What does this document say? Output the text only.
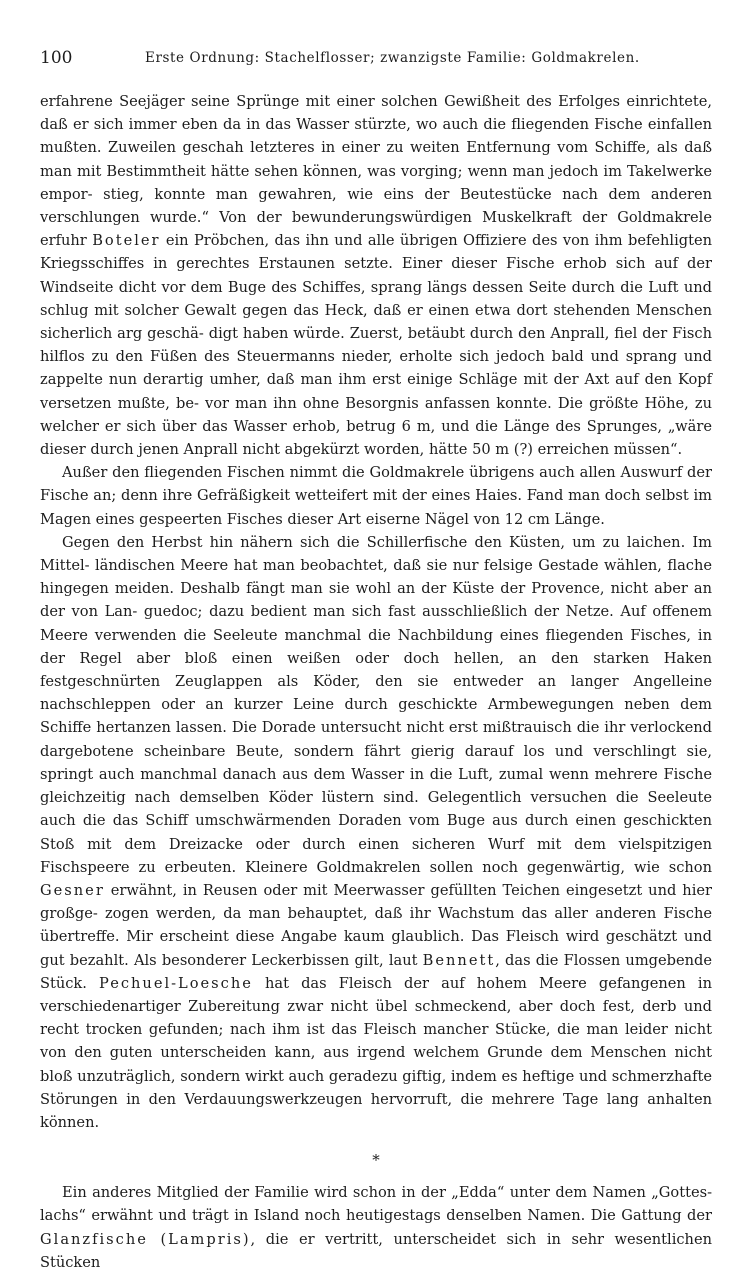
100	Erste Ordnung: Stachelflosser; zwanzigste Familie: Goldmakrelen.

erfahrene Seejäger seine Sprünge mit einer solchen Gewißheit des Erfolges einrichtete, daß er sich immer eben da in das Wasser stürzte, wo auch die fliegenden Fische einfallen mußten. Zuweilen geschah letzteres in einer zu weiten Entfernung vom Schiffe, als daß man mit Bestimmtheit hätte sehen können, was vorging; wenn man jedoch im Takelwerke empor- stieg, konnte man gewahren, wie eins der Beutestücke nach dem anderen verschlungen wurde.“ Von der bewunderungswürdigen Muskelkraft der Goldmakrele erfuhr Boteler ein Pröbchen, das ihn und alle übrigen Offiziere des von ihm befehligten Kriegsschiffes in gerechtes Erstaunen setzte. Einer dieser Fische erhob sich auf der Windseite dicht vor dem Buge des Schiffes, sprang längs dessen Seite durch die Luft und schlug mit solcher Gewalt gegen das Heck, daß er einen etwa dort stehenden Menschen sicherlich arg geschä- digt haben würde. Zuerst, betäubt durch den Anprall, fiel der Fisch hilflos zu den Füßen des Steuermanns nieder, erholte sich jedoch bald und sprang und zappelte nun derartig umher, daß man ihm erst einige Schläge mit der Axt auf den Kopf versetzen mußte, be- vor man ihn ohne Besorgnis anfassen konnte. Die größte Höhe, zu welcher er sich über das Wasser erhob, betrug 6 m, und die Länge des Sprunges, „wäre dieser durch jenen Anprall nicht abgekürzt worden, hätte 50 m (?) erreichen müssen“.

Außer den fliegenden Fischen nimmt die Goldmakrele übrigens auch allen Auswurf der Fische an; denn ihre Gefräßigkeit wetteifert mit der eines Haies. Fand man doch selbst im Magen eines gespeerten Fisches dieser Art eiserne Nägel von 12 cm Länge.

Gegen den Herbst hin nähern sich die Schillerfische den Küsten, um zu laichen. Im Mittel- ländischen Meere hat man beobachtet, daß sie nur felsige Gestade wählen, flache hingegen meiden. Deshalb fängt man sie wohl an der Küste der Provence, nicht aber an der von Lan- guedoc; dazu bedient man sich fast ausschließlich der Netze. Auf offenem Meere verwenden die Seeleute manchmal die Nachbildung eines fliegenden Fisches, in der Regel aber bloß einen weißen oder doch hellen, an den starken Haken festgeschnürten Zeuglappen als Köder, den sie entweder an langer Angelleine nachschleppen oder an kurzer Leine durch geschickte Armbewegungen neben dem Schiffe hertanzen lassen. Die Dorade untersucht nicht erst mißtrauisch die ihr verlockend dargebotene scheinbare Beute, sondern fährt gierig darauf los und verschlingt sie, springt auch manchmal danach aus dem Wasser in die Luft, zumal wenn mehrere Fische gleichzeitig nach demselben Köder lüstern sind. Gelegentlich versuchen die Seeleute auch die das Schiff umschwärmenden Doraden vom Buge aus durch einen geschickten Stoß mit dem Dreizacke oder durch einen sicheren Wurf mit dem vielspitzigen Fischspeere zu erbeuten. Kleinere Goldmakrelen sollen noch gegenwärtig, wie schon Gesner erwähnt, in Reusen oder mit Meerwasser gefüllten Teichen eingesetzt und hier großge- zogen werden, da man behauptet, daß ihr Wachstum das aller anderen Fische übertreffe. Mir erscheint diese Angabe kaum glaublich. Das Fleisch wird geschätzt und gut bezahlt. Als besonderer Leckerbissen gilt, laut Bennett, das die Flossen umgebende Stück. Pechuel-Loesche hat das Fleisch der auf hohem Meere gefangenen in verschiedenartiger Zubereitung zwar nicht übel schmeckend, aber doch fest, derb und recht trocken gefunden; nach ihm ist das Fleisch mancher Stücke, die man leider nicht von den guten unterscheiden kann, aus irgend welchem Grunde dem Menschen nicht bloß unzuträglich, sondern wirkt auch geradezu giftig, indem es heftige und schmerzhafte Störungen in den Verdauungswerkzeugen hervorruft, die mehrere Tage lang anhalten können.

*

Ein anderes Mitglied der Familie wird schon in der „Edda“ unter dem Namen „Gottes- lachs“ erwähnt und trägt in Island noch heutigestags denselben Namen. Die Gattung der Glanzfische (Lampris), die er vertritt, unterscheidet sich in sehr wesentlichen Stücken
